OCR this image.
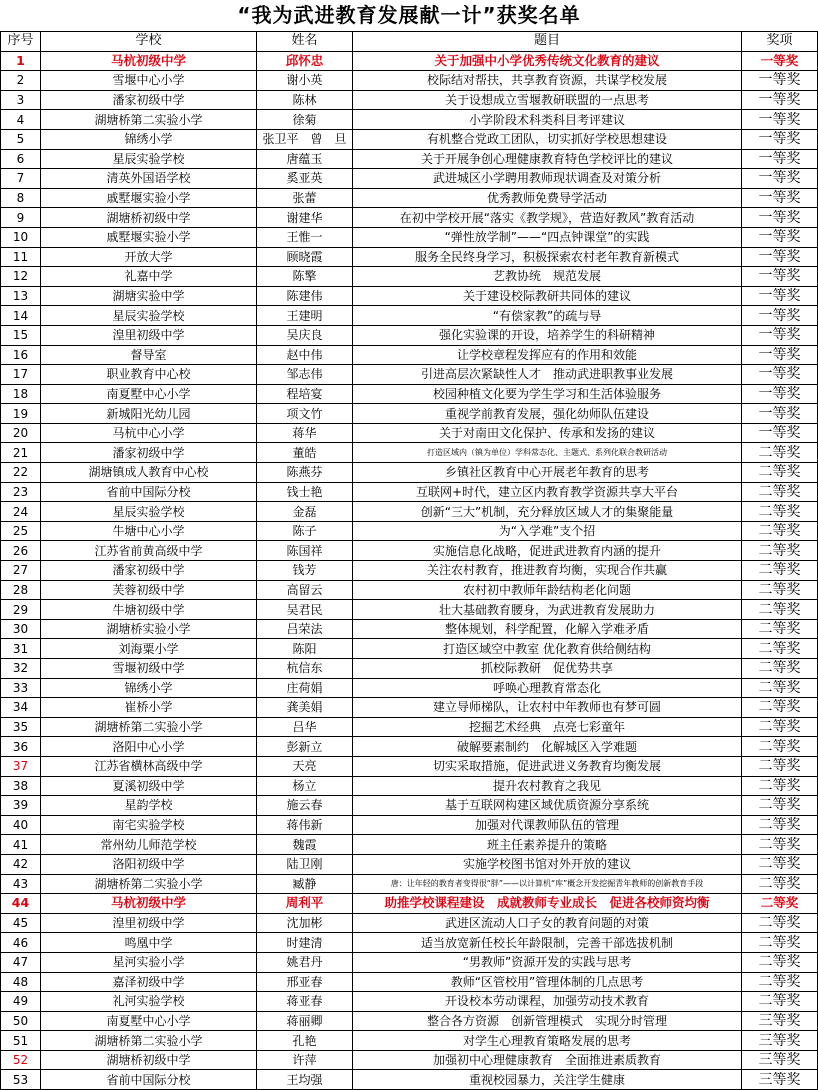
“我为武进教育发展献一计”获奖名单
序号	学校	姓名	题目	奖项
1	马杭初级中学	邱怀忠	关于加强中小学优秀传统文化教育的建议	一等奖
2	雪堰中心小学	谢小英	校际结对帮扶，共享教育资源，共谋学校发展	一等奖
3	潘家初级中学	陈林	关于设想成立雪堰教研联盟的一点思考	一等奖
4	湖塘桥第二实验小学	徐菊	小学阶段术科类科目考评建议	一等奖
5	锦绣小学	张卫平　曾　旦	有机整合党政工团队，切实抓好学校思想建设	一等奖
6	星辰实验学校	唐蕴玉	关于开展争创心理健康教育特色学校评比的建议	一等奖
7	清英外国语学校	奚亚英	武进城区小学聘用教师现状调查及对策分析	一等奖
8	戚墅堰实验小学	张蕾	优秀教师免费导学活动	一等奖
9	湖塘桥初级中学	谢建华	在初中学校开展“落实《教学规》，营造好教风”教育活动	一等奖
10	戚墅堰实验小学	王惟一	“弹性放学制”——“四点钟课堂”的实践	一等奖
11	开放大学	顾晓霞	服务全民终身学习，积极探索农村老年教育新模式	一等奖
12	礼嘉中学	陈擎	艺教协统　规范发展	一等奖
13	湖塘实验中学	陈建伟	关于建设校际教研共同体的建议	一等奖
14	星辰实验学校	王建明	“有偿家教”的疏与导	一等奖
15	湟里初级中学	吴庆良	强化实验课的开设，培养学生的科研精神	一等奖
16	督导室	赵中伟	让学校章程发挥应有的作用和效能	一等奖
17	职业教育中心校	邹志伟	引进高层次紧缺性人才　推动武进职教事业发展	一等奖
18	南夏墅中心小学	程培宴	校园种植文化要为学生学习和生活体验服务	一等奖
19	新城阳光幼儿园	项文竹	重视学前教育发展，强化幼师队伍建设	一等奖
20	马杭中心小学	蒋华	关于对南田文化保护、传承和发扬的建议	一等奖
21	潘家初级中学	董皓	打造区域内（镇为单位）学科常态化、主题式、系列化联合教研活动	二等奖
22	湖塘镇成人教育中心校	陈燕芬	乡镇社区教育中心开展老年教育的思考	二等奖
23	省前中国际分校	钱士艳	互联网+时代，建立区内教育教学资源共享大平台	二等奖
24	星辰实验学校	金磊	创新“三大”机制，充分释放区域人才的集聚能量	二等奖
25	牛塘中心小学	陈子	为“入学难”支个招	二等奖
26	江苏省前黄高级中学	陈国祥	实施信息化战略，促进武进教育内涵的提升	二等奖
27	潘家初级中学	钱芳	关注农村教育，推进教育均衡，实现合作共赢	二等奖
28	芙蓉初级中学	高留云	农村初中教师年龄结构老化问题	二等奖
29	牛塘初级中学	吴君民	壮大基础教育腰身，为武进教育发展助力	二等奖
30	湖塘桥实验小学	吕荣法	整体规划，科学配置，化解入学难矛盾	二等奖
31	刘海粟小学	陈阳	打造区域空中教室 优化教育供给侧结构	二等奖
32	雪堰初级中学	杭信东	抓校际教研　促优势共享	二等奖
33	锦绣小学	庄荷娟	呼唤心理教育常态化	二等奖
34	崔桥小学	龚美娟	建立导师梯队，让农村中年教师也有梦可圆	二等奖
35	湖塘桥第二实验小学	吕华	挖掘艺术经典　点亮七彩童年	二等奖
36	洛阳中心小学	彭新立	破解要素制约　化解城区入学难题	二等奖
37	江苏省横林高级中学	天亮	切实采取措施，促进武进义务教育均衡发展	二等奖
38	夏溪初级中学	杨立	提升农村教育之我见	二等奖
39	星韵学校	施云春	基于互联网构建区域优质资源分享系统	二等奖
40	南宅实验学校	蒋伟新	加强对代课教师队伍的管理	二等奖
41	常州幼儿师范学校	魏霞	班主任素养提升的策略	二等奖
42	洛阳初级中学	陆卫刚	实施学校图书馆对外开放的建议	二等奖
43	湖塘桥第二实验小学	臧静	唐：让年轻的教育者变得很“胖”——以计算机“库”概念开发挖掘青年教师的创新教育手段	二等奖
44	马杭初级中学	周利平	助推学校课程建设　成就教师专业成长　促进各校师资均衡	二等奖
45	湟里初级中学	沈加彬	武进区流动人口子女的教育问题的对策	二等奖
46	鸣凰中学	时建清	适当放宽新任校长年龄限制，完善干部选拔机制	二等奖
47	星河实验小学	姚君丹	“男教师”资源开发的实践与思考	二等奖
48	嘉泽初级中学	邢亚春	教师“区管校用”管理体制的几点思考	二等奖
49	礼河实验学校	蒋亚春	开设校本劳动课程，加强劳动技术教育	二等奖
50	南夏墅中心小学	蒋丽卿	整合各方资源　创新管理模式　实现分时管理	三等奖
51	湖塘桥第二实验小学	孔艳	对学生心理教育策略发展的思考	三等奖
52	湖塘桥初级中学	许萍	加强初中心理健康教育　全面推进素质教育	三等奖
53	省前中国际分校	王均强	重视校园暴力，关注学生健康	三等奖
